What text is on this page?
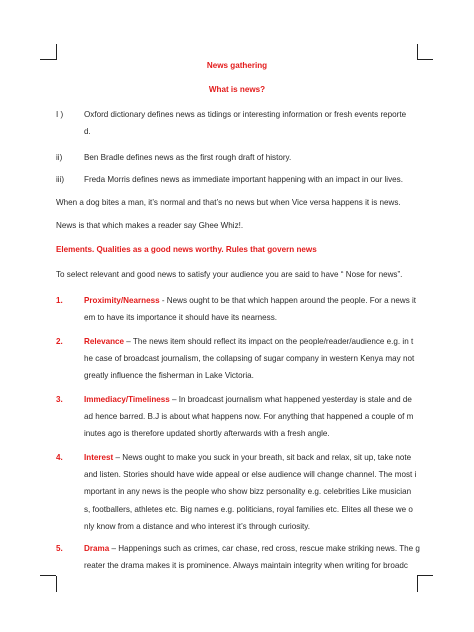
News gathering
What is news?
I )	Oxford dictionary defines news as tidings or interesting information or fresh events reporte

d.

ii)	Ben Bradle defines news as the first rough draft of history.

iii) Freda Morris defines news as immediate important happening with an impact in our lives.

When a dog bites a man, it’s normal and that’s no news but when Vice versa happens it is news.
News is that which makes a reader say Ghee Whiz!.
Elements. Qualities as a good news worthy. Rules that govern news
To select relevant and good news to satisfy your audience you are said to have “ Nose for news”.
1.	Proximity/Nearness - News ought to be that which happen around the people. For a news it

em to have its importance it should have its nearness.

2.	Relevance – The news item should reflect its impact on the people/reader/audience e.g. in t

he case of broadcast journalism, the collapsing of sugar company in western Kenya may not

greatly influence the fisherman in Lake Victoria.

3.	Immediacy/Timeliness – In broadcast journalism what happened yesterday is stale and de

ad hence barred. B.J is about what happens now. For anything that happened a couple of m

inutes ago is therefore updated shortly afterwards with a fresh angle.

4.	Interest – News ought to make you suck in your breath, sit back and relax, sit up, take note

and listen. Stories should have wide appeal or else audience will change channel. The most i

mportant in any news is the people who show bizz personality e.g. celebrities Like musician

s, footballers, athletes etc. Big names e.g. politicians, royal families etc. Elites all these we o

nly know from a distance and who interest it’s through curiosity.

5.	Drama – Happenings such as crimes, car chase, red cross, rescue make striking news. The g

reater the drama makes it is prominence. Always maintain integrity when writing for broadc
